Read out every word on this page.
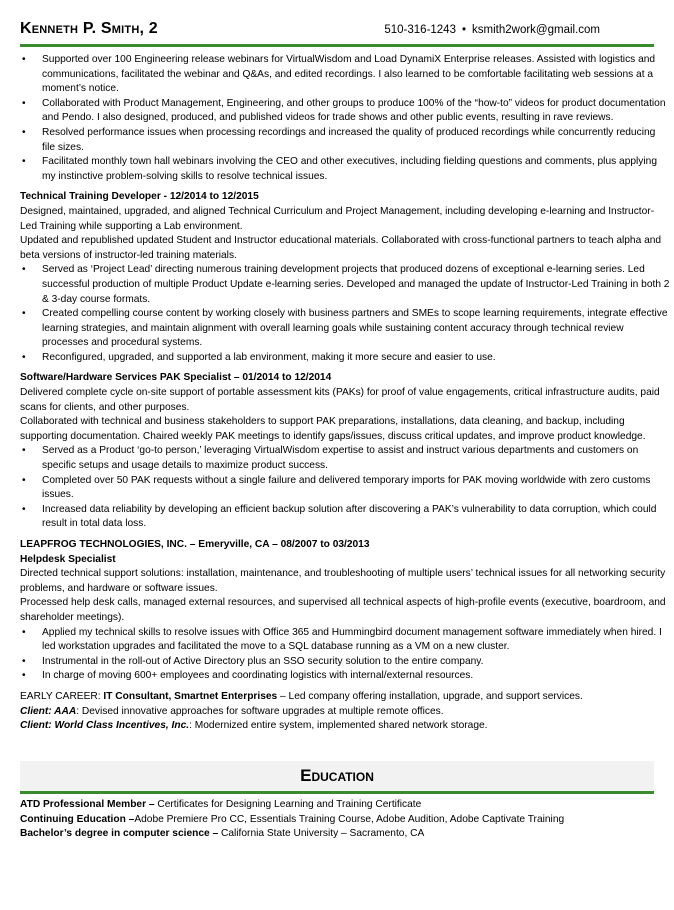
Kenneth P. Smith, 2	510-316-1243 • ksmith2work@gmail.com
• Supported over 100 Engineering release webinars for VirtualWisdom and Load DynamiX Enterprise releases. Assisted with logistics and communications, facilitated the webinar and Q&As, and edited recordings. I also learned to be comfortable facilitating web sessions at a moment’s notice.
• Collaborated with Product Management, Engineering, and other groups to produce 100% of the “how-to” videos for product documentation and Pendo. I also designed, produced, and published videos for trade shows and other public events, resulting in rave reviews.
• Resolved performance issues when processing recordings and increased the quality of produced recordings while concurrently reducing file sizes.
• Facilitated monthly town hall webinars involving the CEO and other executives, including fielding questions and comments, plus applying my instinctive problem-solving skills to resolve technical issues.

Technical Training Developer - 12/2014 to 12/2015

Designed, maintained, upgraded, and aligned Technical Curriculum and Project Management, including developing e-learning and Instructor-Led Training while supporting a Lab environment.

Updated and republished updated Student and Instructor educational materials. Collaborated with cross-functional partners to teach alpha and beta versions of instructor-led training materials.

• Served as ‘Project Lead’ directing numerous training development projects that produced dozens of exceptional e-learning series. Led successful production of multiple Product Update e-learning series. Developed and managed the update of Instructor-Led Training in both 2 & 3-day course formats.
• Created compelling course content by working closely with business partners and SMEs to scope learning requirements, integrate effective learning strategies, and maintain alignment with overall learning goals while sustaining content accuracy through technical review processes and procedural systems.
• Reconfigured, upgraded, and supported a lab environment, making it more secure and easier to use.

Software/Hardware Services PAK Specialist – 01/2014 to 12/2014

Delivered complete cycle on-site support of portable assessment kits (PAKs) for proof of value engagements, critical infrastructure audits, paid scans for clients, and other purposes.

Collaborated with technical and business stakeholders to support PAK preparations, installations, data cleaning, and backup, including supporting documentation. Chaired weekly PAK meetings to identify gaps/issues, discuss critical updates, and improve product knowledge.

• Served as a Product ‘go-to person,’ leveraging VirtualWisdom expertise to assist and instruct various departments and customers on specific setups and usage details to maximize product success.
• Completed over 50 PAK requests without a single failure and delivered temporary imports for PAK moving worldwide with zero customs issues.
• Increased data reliability by developing an efficient backup solution after discovering a PAK’s vulnerability to data corruption, which could result in total data loss.

LEAPFROG TECHNOLOGIES, INC. – Emeryville, CA – 08/2007 to 03/2013

Helpdesk Specialist

Directed technical support solutions: installation, maintenance, and troubleshooting of multiple users’ technical issues for all networking security problems, and hardware or software issues.

Processed help desk calls, managed external resources, and supervised all technical aspects of high-profile events (executive, boardroom, and shareholder meetings).

• Applied my technical skills to resolve issues with Office 365 and Hummingbird document management software immediately when hired. I led workstation upgrades and facilitated the move to a SQL database running as a VM on a new cluster.
• Instrumental in the roll-out of Active Directory plus an SSO security solution to the entire company.
• In charge of moving 600+ employees and coordinating logistics with internal/external resources.

EARLY CAREER: IT Consultant, Smartnet Enterprises – Led company offering installation, upgrade, and support services.

Client: AAA: Devised innovative approaches for software upgrades at multiple remote offices.

Client: World Class Incentives, Inc.: Modernized entire system, implemented shared network storage.

Education

ATD Professional Member – Certificates for Designing Learning and Training Certificate

Continuing Education –Adobe Premiere Pro CC, Essentials Training Course, Adobe Audition, Adobe Captivate Training

Bachelor’s degree in computer science – California State University – Sacramento, CA
